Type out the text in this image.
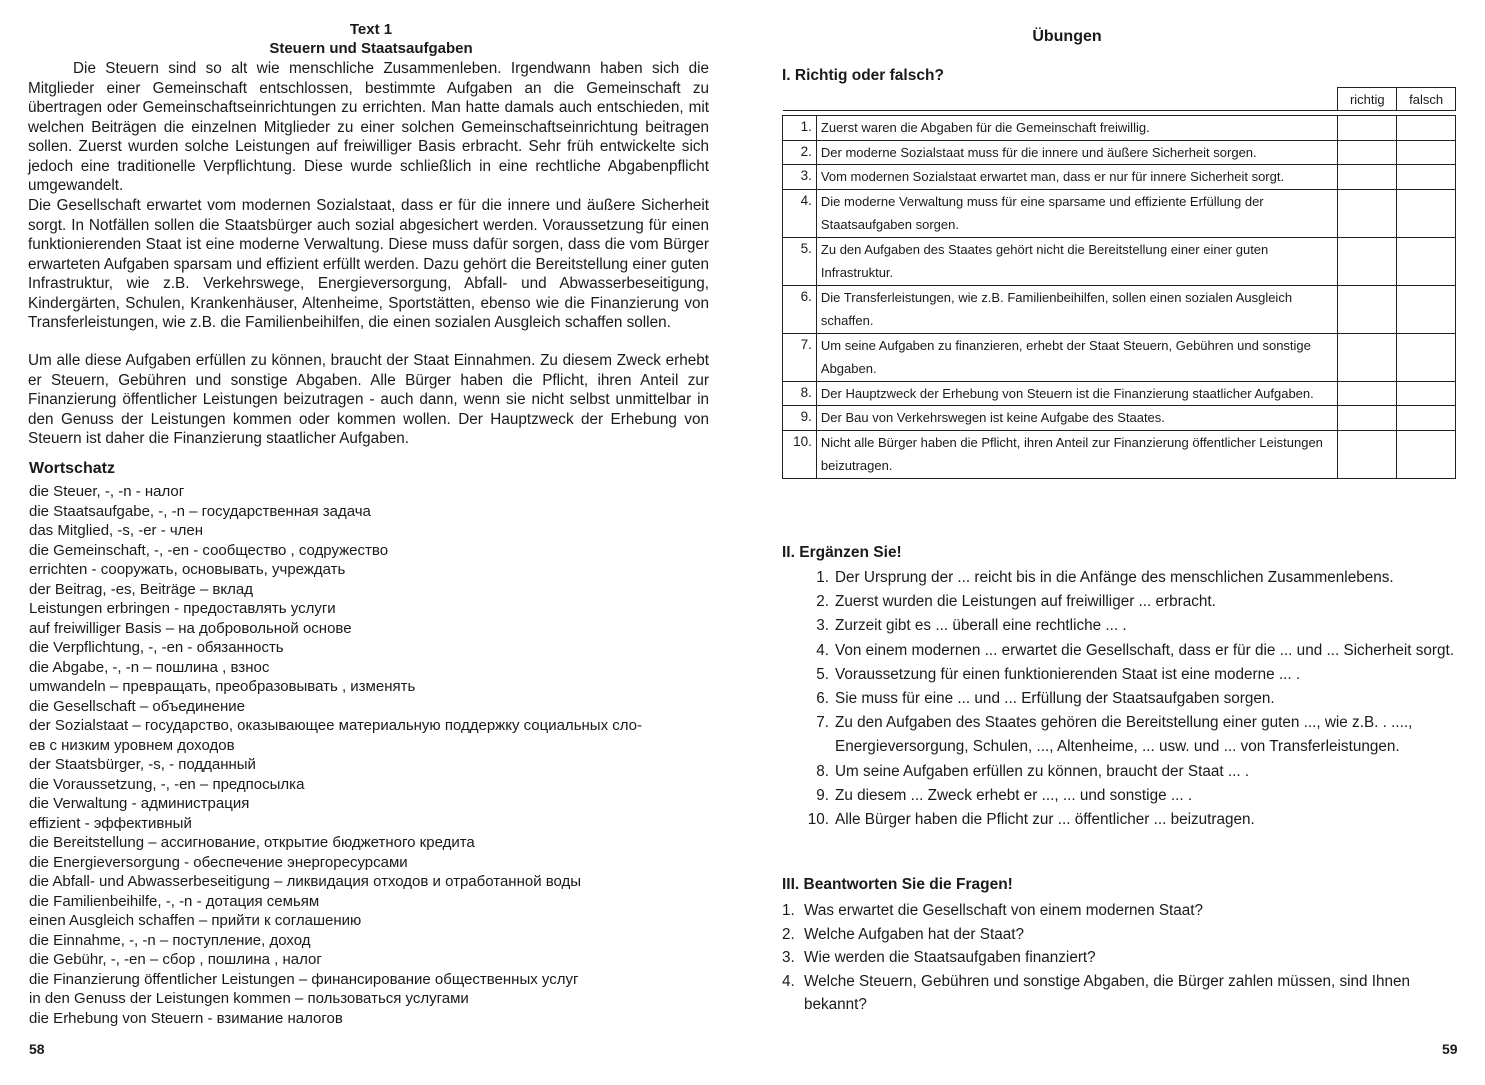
Text 1
Steuern und Staatsaufgaben
Die Steuern sind so alt wie menschliche Zusammenleben. Irgendwann haben sich die Mitglieder einer Gemeinschaft entschlossen, bestimmte Aufgaben an die Gemeinschaft zu übertragen oder Gemeinschaftseinrichtungen zu errichten. Man hatte damals auch entschieden, mit welchen Beiträgen die einzelnen Mitglieder zu einer solchen Gemeinschaftseinrichtung beitragen sollen. Zuerst wurden solche Leistungen auf freiwilliger Basis erbracht. Sehr früh entwickelte sich jedoch eine traditionelle Verpflichtung. Diese wurde schließlich in eine rechtliche Abgabenpflicht umgewandelt.
Die Gesellschaft erwartet vom modernen Sozialstaat, dass er für die innere und äußere Sicherheit sorgt. In Notfällen sollen die Staatsbürger auch sozial abgesichert werden. Voraussetzung für einen funktionierenden Staat ist eine moderne Verwaltung. Diese muss dafür sorgen, dass die vom Bürger erwarteten Aufgaben sparsam und effizient erfüllt werden. Dazu gehört die Bereitstellung einer guten Infrastruktur, wie z.B. Verkehrswege, Energieversorgung, Abfall- und Abwasserbeseitigung, Kindergärten, Schulen, Krankenhäuser, Altenheime, Sportstätten, ebenso wie die Finanzierung von Transferleistungen, wie z.B. die Familienbeihilfen, die einen sozialen Ausgleich schaffen sollen.
Um alle diese Aufgaben erfüllen zu können, braucht der Staat Einnahmen. Zu diesem Zweck erhebt er Steuern, Gebühren und sonstige Abgaben. Alle Bürger haben die Pflicht, ihren Anteil zur Finanzierung öffentlicher Leistungen beizutragen - auch dann, wenn sie nicht selbst unmittelbar in den Genuss der Leistungen kommen oder kommen wollen. Der Hauptzweck der Erhebung von Steuern ist daher die Finanzierung staatlicher Aufgaben.
Wortschatz
die Steuer, -, -n - налог
die Staatsaufgabe, -, -n – государственная задача
das Mitglied, -s, -er - член
die Gemeinschaft, -, -en - сообщество , содружество
errichten - сооружать, основывать, учреждать
der Beitrag, -es, Beiträge – вклад
Leistungen erbringen - предоставлять услуги
auf freiwilliger Basis – на добровольной основе
die Verpflichtung, -, -en - обязанность
die Abgabe, -, -n – пошлина , взнос
umwandeln – превращать, преобразовывать , изменять
die Gesellschaft – объединение
der Sozialstaat – государство, оказывающее материальную поддержку социальных сло-
ев с низким уровнем доходов
der Staatsbürger, -s, - подданный
die Voraussetzung, -, -en – предпосылка
die Verwaltung - администрация
effizient - эффективный
die Bereitstellung – ассигнование, открытие бюджетного кредита
die Energieversorgung - обеспечение энергоресурсами
die Abfall- und Abwasserbeseitigung – ликвидация отходов и отработанной воды
die Familienbeihilfe, -, -n - дотация семьям
einen Ausgleich schaffen – прийти к соглашению
die Einnahme, -, -n – поступление, доход
die Gebühr, -, -en – сбор , пошлина , налог
die Finanzierung öffentlicher Leistungen – финансирование общественных услуг
in den Genuss der Leistungen kommen – пользоваться услугами
die Erhebung von Steuern - взимание налогов
58
Übungen
I. Richtig oder falsch?
		richtig	falsch

1.	Zuerst waren die Abgaben für die Gemeinschaft freiwillig.		
2.	Der moderne Sozialstaat muss für die innere und äußere Sicherheit sorgen.		
3.	Vom modernen Sozialstaat erwartet man, dass er nur für innere Sicherheit sorgt.		
4.	Die moderne Verwaltung muss für eine sparsame und effiziente Erfüllung der Staatsaufgaben sorgen.		
5.	Zu den Aufgaben des Staates gehört nicht die Bereitstellung einer einer guten Infrastruktur.		
6.	Die Transferleistungen, wie z.B. Familienbeihilfen, sollen einen sozialen Ausgleich schaffen.		
7.	Um seine Aufgaben zu finanzieren, erhebt der Staat Steuern, Gebühren und sonstige Abgaben.		
8.	Der Hauptzweck der Erhebung von Steuern ist die Finanzierung staatlicher Aufgaben.		
9.	Der Bau von Verkehrswegen ist keine Aufgabe des Staates.		
10.	Nicht alle Bürger haben die Pflicht, ihren Anteil zur Finanzierung öffentlicher Leistungen beizutragen.		
II. Ergänzen Sie!
1. Der Ursprung der ... reicht bis in die Anfänge des menschlichen Zusammenlebens.
2. Zuerst wurden die Leistungen auf freiwilliger ... erbracht.
3. Zurzeit gibt es ... überall eine rechtliche ... .
4. Von einem modernen ... erwartet die Gesellschaft, dass er für die ... und ... Sicherheit sorgt.
5. Voraussetzung für einen funktionierenden Staat ist eine moderne ... .
6. Sie muss für eine ... und ... Erfüllung der Staatsaufgaben sorgen.
7. Zu den Aufgaben des Staates gehören die Bereitstellung einer guten ..., wie z.B. . ...., Energieversorgung, Schulen, ..., Altenheime, ... usw. und ... von Transferleistungen.
8. Um seine Aufgaben erfüllen zu können, braucht der Staat ... .
9. Zu diesem ... Zweck erhebt er ..., ... und sonstige ... .
10. Alle Bürger haben die Pflicht zur ... öffentlicher ... beizutragen.
III. Beantworten Sie die Fragen!
1. Was erwartet die Gesellschaft von einem modernen Staat?
2. Welche Aufgaben hat der Staat?
3. Wie werden die Staatsaufgaben finanziert?
4. Welche Steuern, Gebühren und sonstige Abgaben, die Bürger zahlen müssen, sind Ihnen bekannt?
59
